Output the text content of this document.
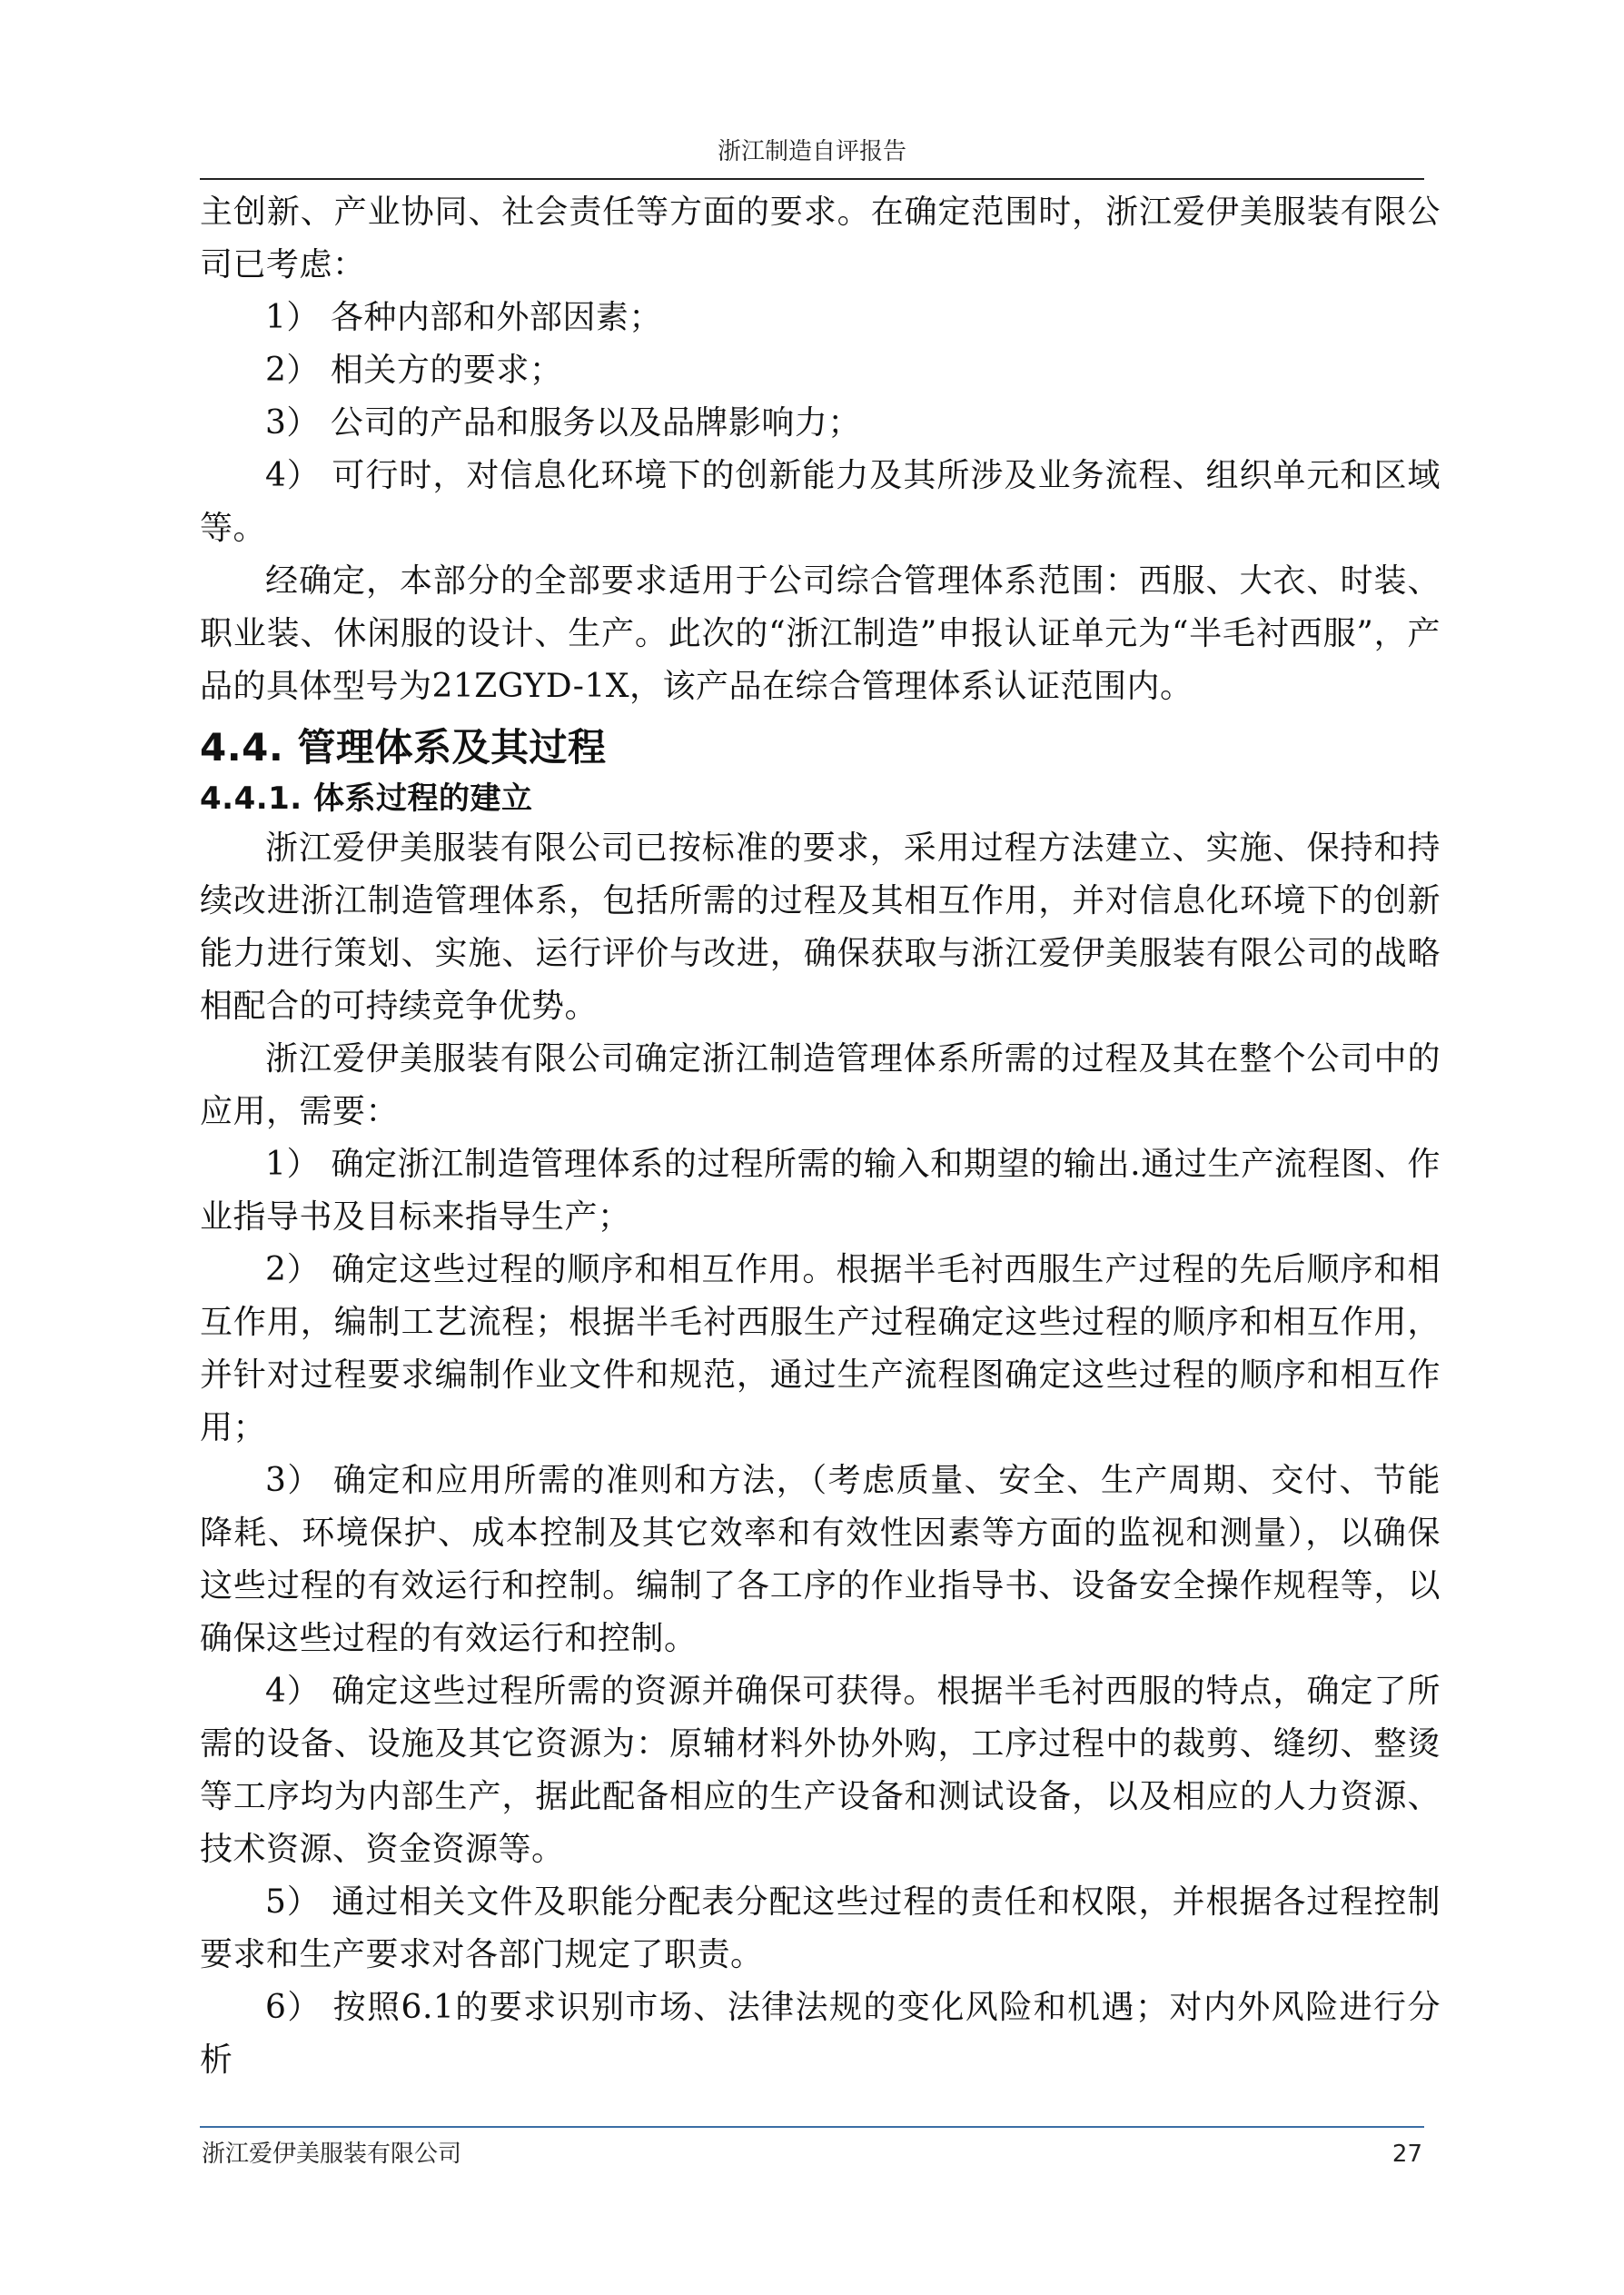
浙江制造自评报告

主创新、产业协同、社会责任等方面的要求。在确定范围时，浙江爱伊美服装有限公司已考虑：

1） 各种内部和外部因素；

2） 相关方的要求；

3） 公司的产品和服务以及品牌影响力；

4） 可行时，对信息化环境下的创新能力及其所涉及业务流程、组织单元和区域等。

经确定，本部分的全部要求适用于公司综合管理体系范围：西服、大衣、时装、职业装、休闲服的设计、生产。此次的“浙江制造”申报认证单元为“半毛衬西服”，产品的具体型号为21ZGYD-1X，该产品在综合管理体系认证范围内。

4.4. 管理体系及其过程
4.4.1. 体系过程的建立

浙江爱伊美服装有限公司已按标准的要求，采用过程方法建立、实施、保持和持续改进浙江制造管理体系，包括所需的过程及其相互作用，并对信息化环境下的创新能力进行策划、实施、运行评价与改进，确保获取与浙江爱伊美服装有限公司的战略相配合的可持续竞争优势。

浙江爱伊美服装有限公司确定浙江制造管理体系所需的过程及其在整个公司中的应用，需要：

1） 确定浙江制造管理体系的过程所需的输入和期望的输出.通过生产流程图、作业指导书及目标来指导生产；

2） 确定这些过程的顺序和相互作用。根据半毛衬西服生产过程的先后顺序和相互作用，编制工艺流程；根据半毛衬西服生产过程确定这些过程的顺序和相互作用，并针对过程要求编制作业文件和规范，通过生产流程图确定这些过程的顺序和相互作用；

3） 确定和应用所需的准则和方法，（考虑质量、安全、生产周期、交付、节能降耗、环境保护、成本控制及其它效率和有效性因素等方面的监视和测量），以确保这些过程的有效运行和控制。编制了各工序的作业指导书、设备安全操作规程等，以确保这些过程的有效运行和控制。

4） 确定这些过程所需的资源并确保可获得。根据半毛衬西服的特点，确定了所需的设备、设施及其它资源为：原辅材料外协外购，工序过程中的裁剪、缝纫、整烫等工序均为内部生产，据此配备相应的生产设备和测试设备，以及相应的人力资源、技术资源、资金资源等。

5） 通过相关文件及职能分配表分配这些过程的责任和权限，并根据各过程控制要求和生产要求对各部门规定了职责。

6） 按照6.1的要求识别市场、法律法规的变化风险和机遇；对内外风险进行分析

浙江爱伊美服装有限公司	27
